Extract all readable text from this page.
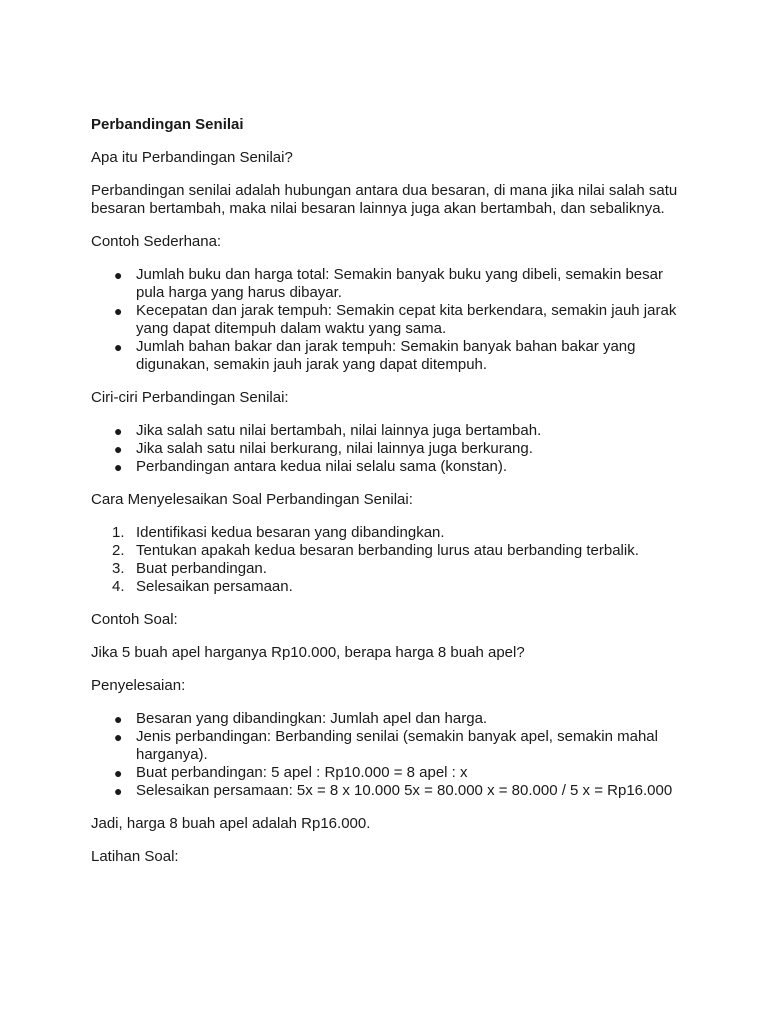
Perbandingan Senilai

Apa itu Perbandingan Senilai?

Perbandingan senilai adalah hubungan antara dua besaran, di mana jika nilai salah satu besaran bertambah, maka nilai besaran lainnya juga akan bertambah, dan sebaliknya.

Contoh Sederhana:

● Jumlah buku dan harga total: Semakin banyak buku yang dibeli, semakin besar pula harga yang harus dibayar.
● Kecepatan dan jarak tempuh: Semakin cepat kita berkendara, semakin jauh jarak yang dapat ditempuh dalam waktu yang sama.
● Jumlah bahan bakar dan jarak tempuh: Semakin banyak bahan bakar yang digunakan, semakin jauh jarak yang dapat ditempuh.

Ciri-ciri Perbandingan Senilai:

● Jika salah satu nilai bertambah, nilai lainnya juga bertambah.
● Jika salah satu nilai berkurang, nilai lainnya juga berkurang.
● Perbandingan antara kedua nilai selalu sama (konstan).

Cara Menyelesaikan Soal Perbandingan Senilai:

1. Identifikasi kedua besaran yang dibandingkan.
2. Tentukan apakah kedua besaran berbanding lurus atau berbanding terbalik.
3. Buat perbandingan.
4. Selesaikan persamaan.

Contoh Soal:

Jika 5 buah apel harganya Rp10.000, berapa harga 8 buah apel?

Penyelesaian:

● Besaran yang dibandingkan: Jumlah apel dan harga.
● Jenis perbandingan: Berbanding senilai (semakin banyak apel, semakin mahal harganya).
● Buat perbandingan: 5 apel : Rp10.000 = 8 apel : x
● Selesaikan persamaan: 5x = 8 x 10.000 5x = 80.000 x = 80.000 / 5 x = Rp16.000

Jadi, harga 8 buah apel adalah Rp16.000.

Latihan Soal:
